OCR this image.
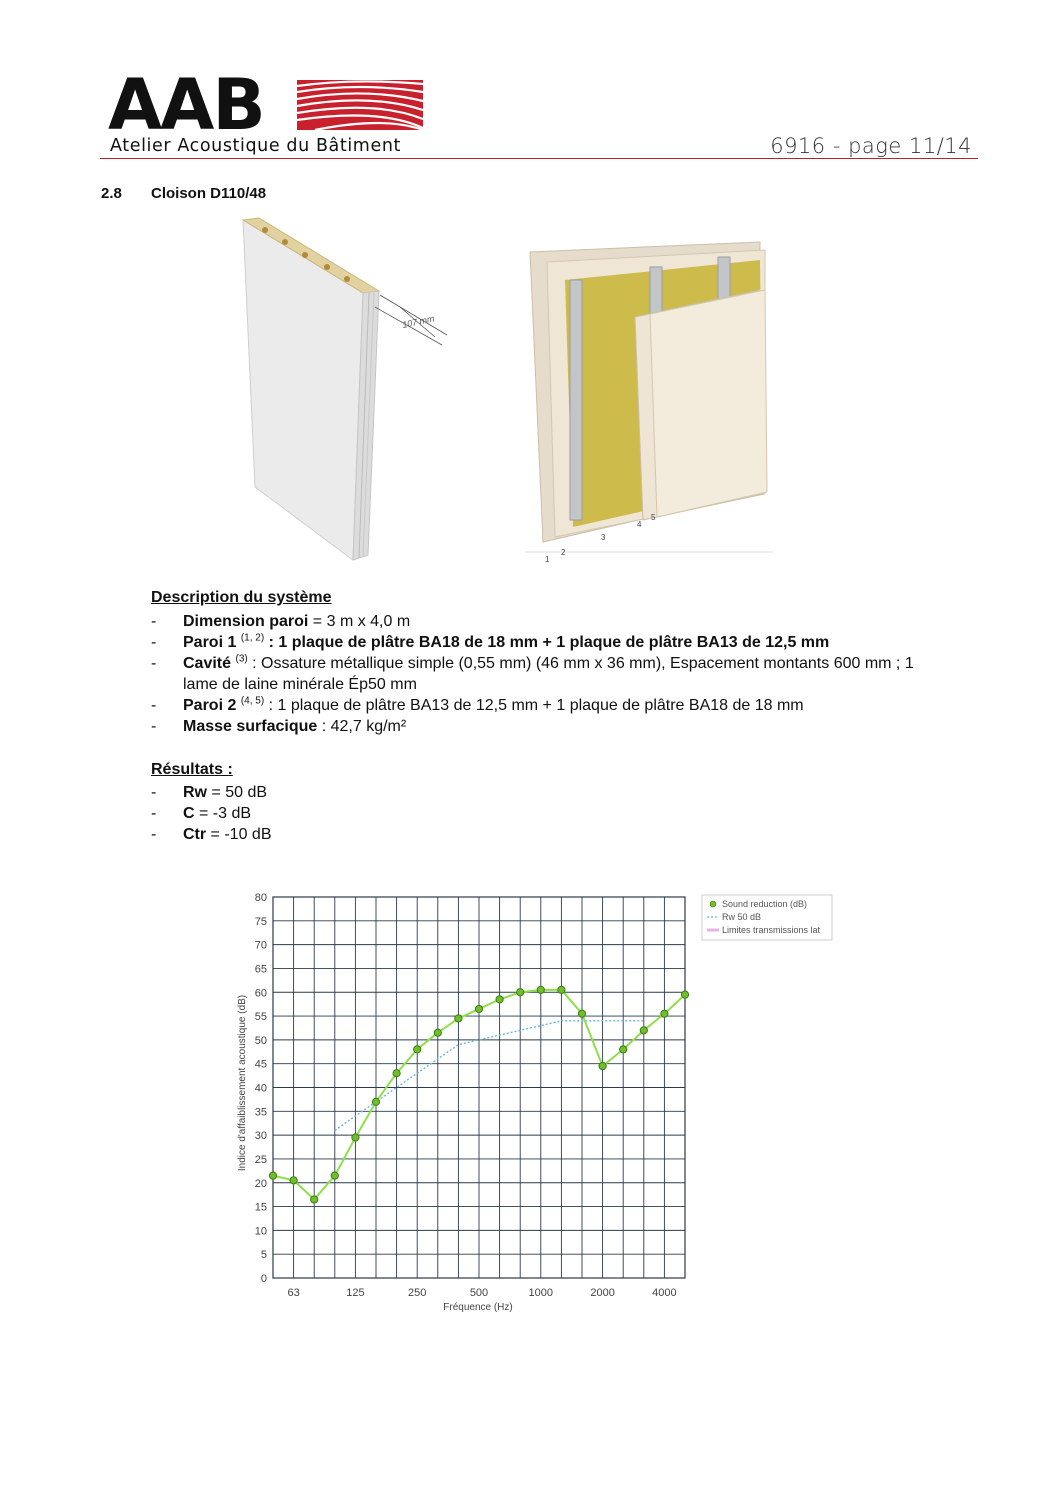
AAB
Atelier Acoustique du Bâtiment	6916 - page 11/14
2.8 Cloison D110/48
107 mm
1
2
3
4
5
Description du système
- Dimension paroi = 3 m x 4,0 m
- Paroi 1 $^{(1, 2)}$ : 1 plaque de plâtre BA18 de 18 mm + 1 plaque de plâtre BA13 de 12,5 mm
- Cavité $^{(3)}$ : Ossature métallique simple (0,55 mm) (46 mm x 36 mm), Espacement montants 600 mm ; 1 lame de laine minérale Ép50 mm
- Paroi 2 $^{(4, 5)}$ : 1 plaque de plâtre BA13 de 12,5 mm + 1 plaque de plâtre BA18 de 18 mm
- Masse surfacique : 42,7 kg/m²
Résultats :
- Rw = 50 dB
- C = -3 dB
- Ctr = -10 dB
0
5
10
15
20
25
30
35
40
45
50
55
60
65
70
75
80
63	125	250	500	1000	2000	4000
Indice d'affaiblissement acoustique (dB)
Fréquence (Hz)
Sound reduction (dB)
Rw 50 dB
Limites transmissions lat
